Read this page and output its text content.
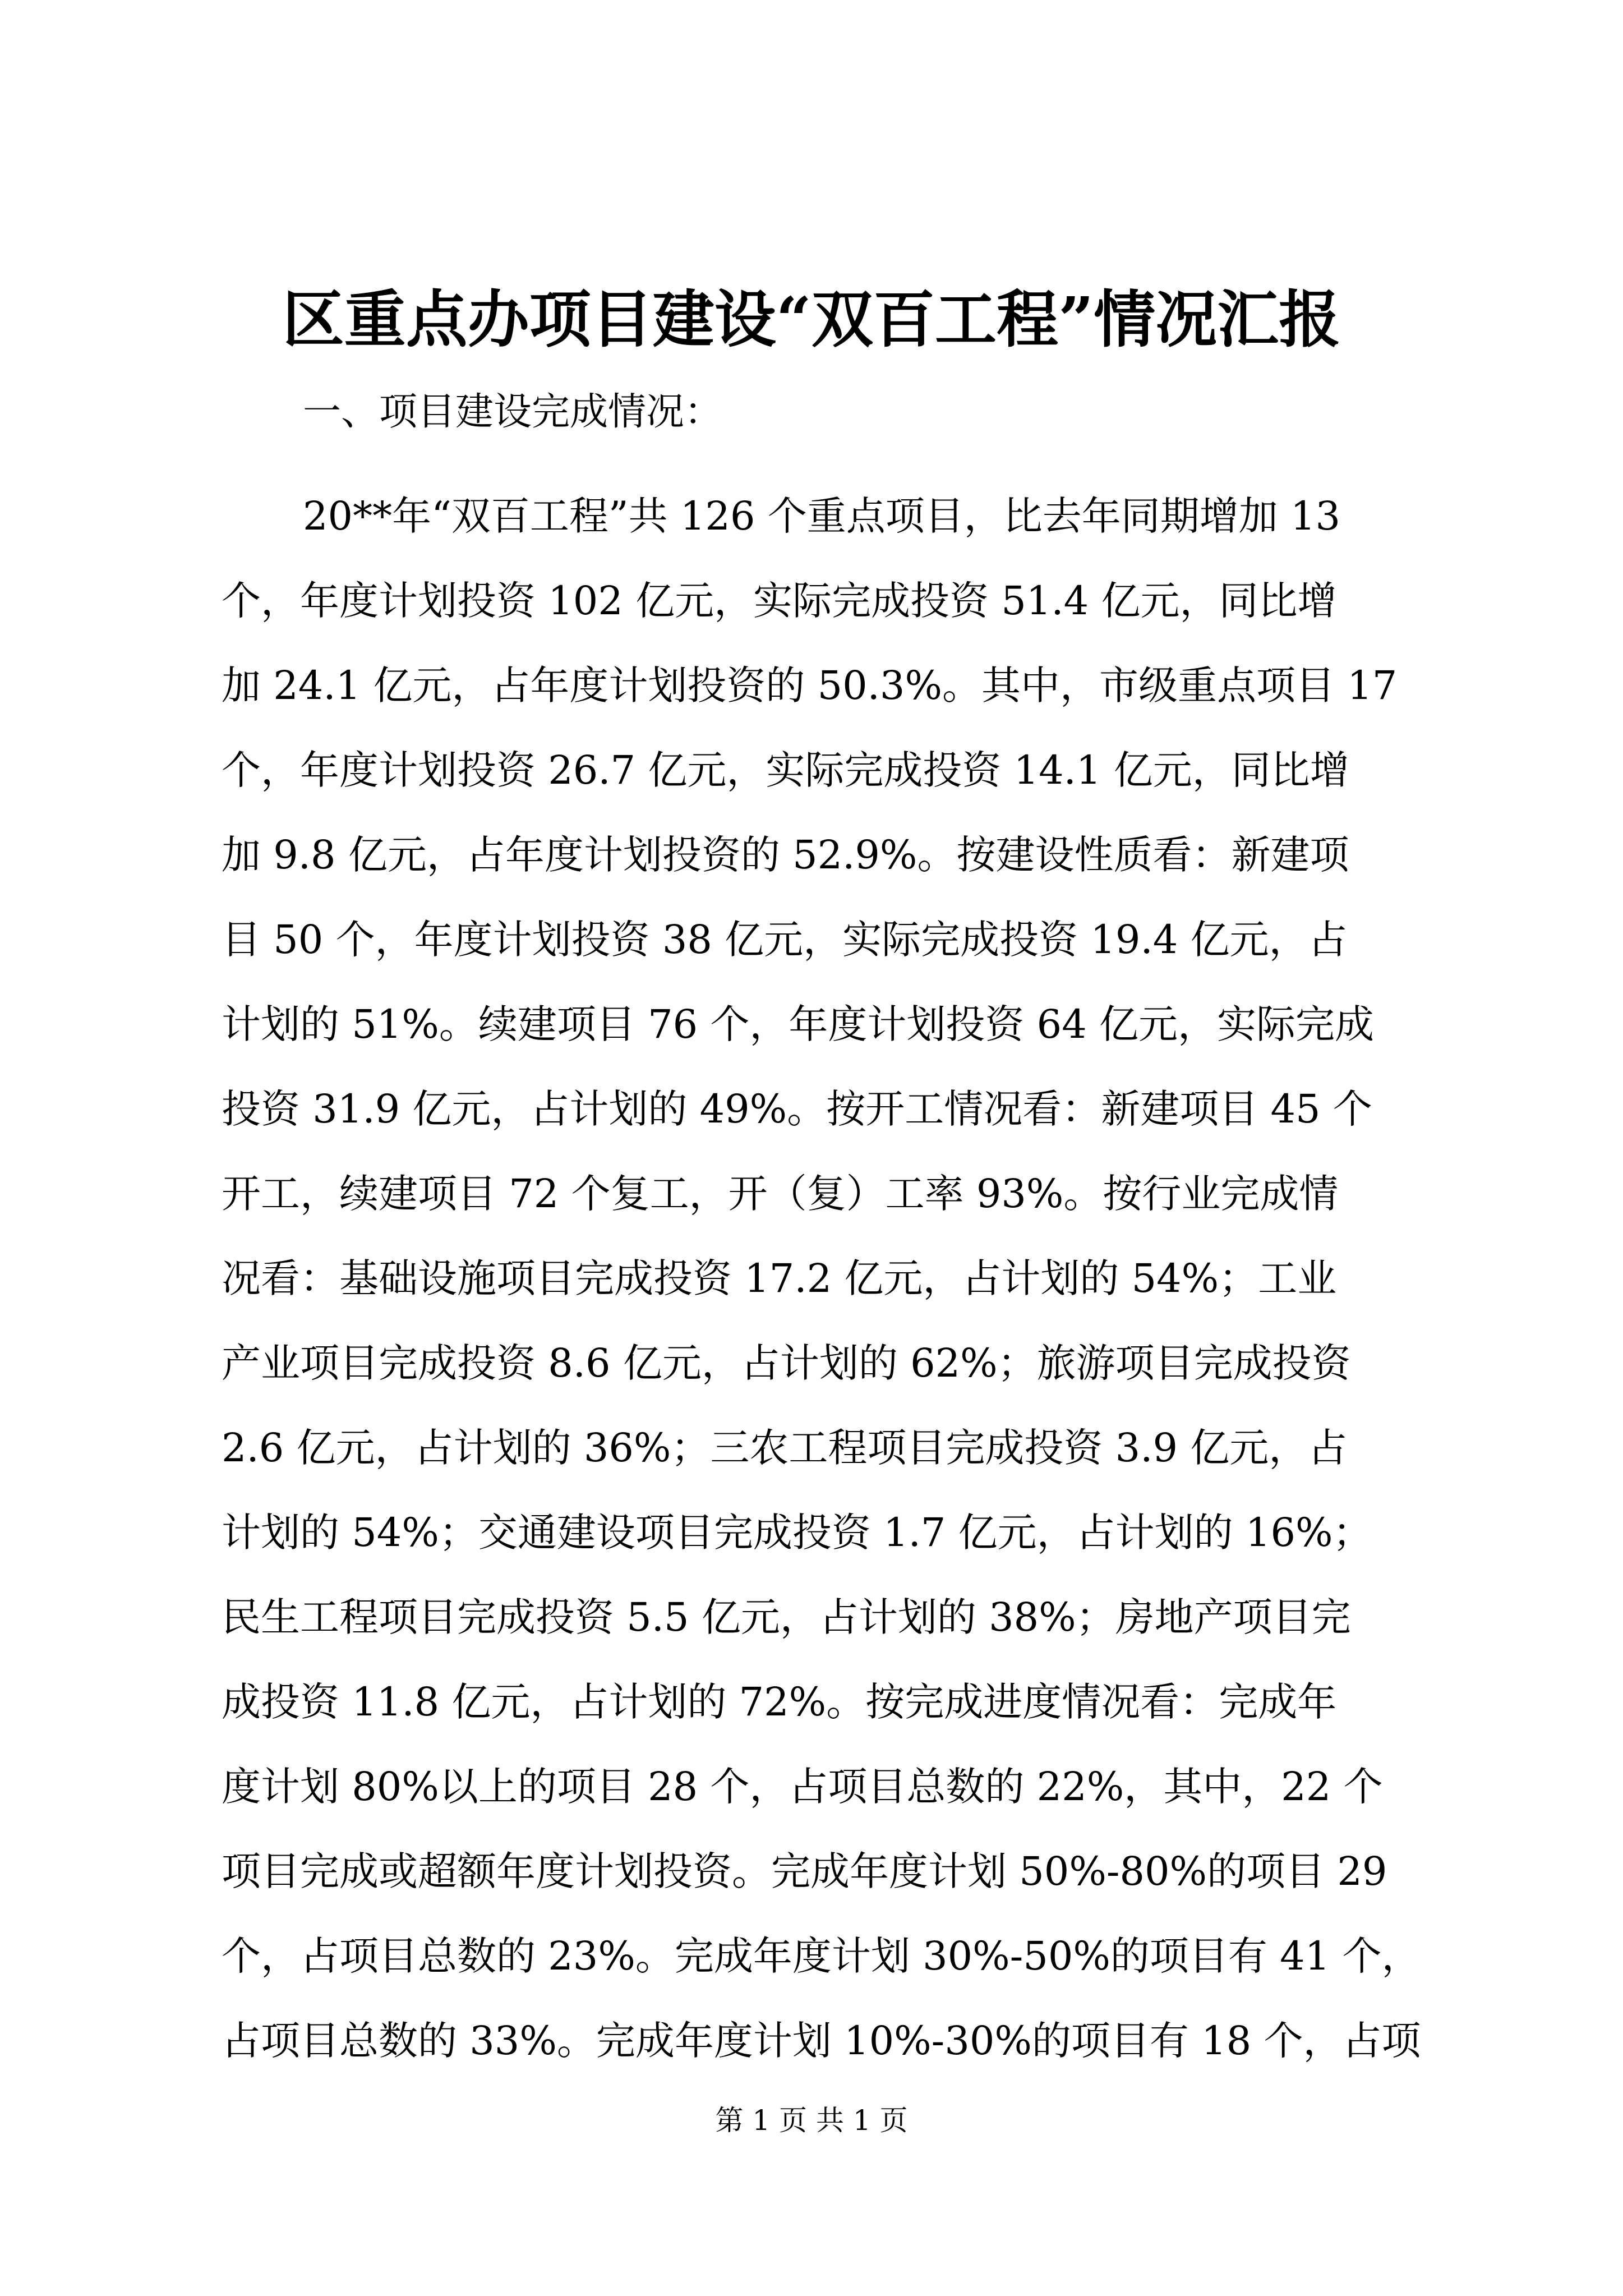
区重点办项目建设“双百工程”情况汇报
一、项目建设完成情况：
20**年“双百工程”共 126 个重点项目，比去年同期增加 13
个，年度计划投资 102 亿元，实际完成投资 51.4 亿元，同比增
加 24.1 亿元，占年度计划投资的 50.3%。其中，市级重点项目 17
个，年度计划投资 26.7 亿元，实际完成投资 14.1 亿元，同比增
加 9.8 亿元，占年度计划投资的 52.9%。按建设性质看：新建项
目 50 个，年度计划投资 38 亿元，实际完成投资 19.4 亿元，占
计划的 51%。续建项目 76 个，年度计划投资 64 亿元，实际完成
投资 31.9 亿元，占计划的 49%。按开工情况看：新建项目 45 个
开工，续建项目 72 个复工，开（复）工率 93%。按行业完成情
况看：基础设施项目完成投资 17.2 亿元，占计划的 54%；工业
产业项目完成投资 8.6 亿元，占计划的 62%；旅游项目完成投资
2.6 亿元，占计划的 36%；三农工程项目完成投资 3.9 亿元，占
计划的 54%；交通建设项目完成投资 1.7 亿元，占计划的 16%；
民生工程项目完成投资 5.5 亿元，占计划的 38%；房地产项目完
成投资 11.8 亿元，占计划的 72%。按完成进度情况看：完成年
度计划 80%以上的项目 28 个，占项目总数的 22%，其中，22 个
项目完成或超额年度计划投资。完成年度计划 50%-80%的项目 29
个，占项目总数的 23%。完成年度计划 30%-50%的项目有 41 个，
占项目总数的 33%。完成年度计划 10%-30%的项目有 18 个，占项
第 1 页 共 1 页
